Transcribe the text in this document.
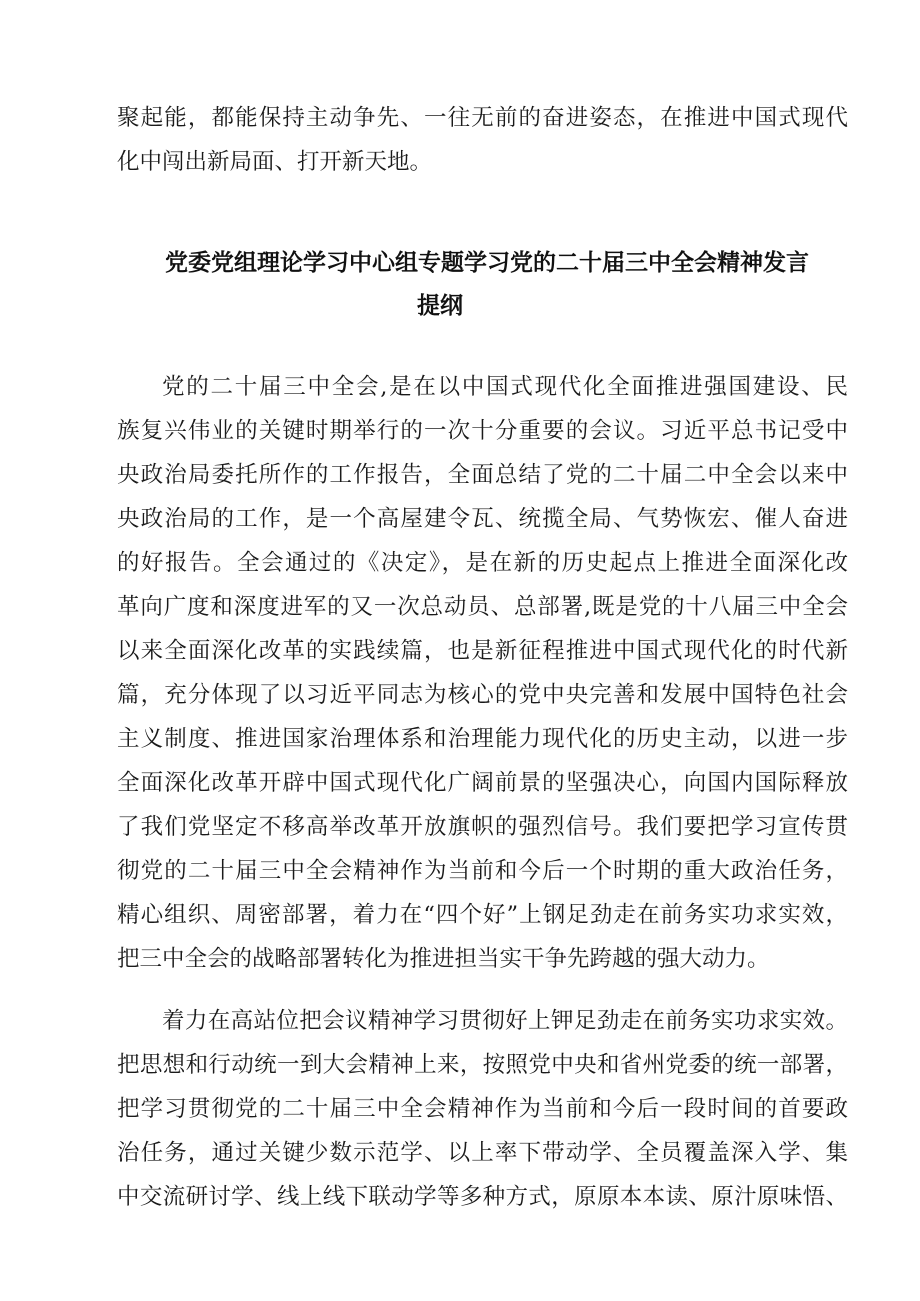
聚起能，都能保持主动争先、一往无前的奋进姿态，在推进中国式现代
化中闯出新局面、打开新天地。
党委党组理论学习中心组专题学习党的二十届三中全会精神发言
提纲
党的二十届三中全会,是在以中国式现代化全面推进强国建设、民
族复兴伟业的关键时期举行的一次十分重要的会议。习近平总书记受中
央政治局委托所作的工作报告，全面总结了党的二十届二中全会以来中
央政治局的工作，是一个高屋建令瓦、统揽全局、气势恢宏、催人奋进
的好报告。全会通过的《决定》，是在新的历史起点上推进全面深化改
革向广度和深度进军的又一次总动员、总部署,既是党的十八届三中全会
以来全面深化改革的实践续篇，也是新征程推进中国式现代化的时代新
篇，充分体现了以习近平同志为核心的党中央完善和发展中国特色社会
主义制度、推进国家治理体系和治理能力现代化的历史主动，以进一步
全面深化改革开辟中国式现代化广阔前景的坚强决心，向国内国际释放
了我们党坚定不移高举改革开放旗帜的强烈信号。我们要把学习宣传贯
彻党的二十届三中全会精神作为当前和今后一个时期的重大政治任务，
精心组织、周密部署，着力在“四个好”上钢足劲走在前务实功求实效，
把三中全会的战略部署转化为推进担当实干争先跨越的强大动力。
着力在高站位把会议精神学习贯彻好上钾足劲走在前务实功求实效。
把思想和行动统一到大会精神上来，按照党中央和省州党委的统一部署，
把学习贯彻党的二十届三中全会精神作为当前和今后一段时间的首要政
治任务，通过关键少数示范学、以上率下带动学、全员覆盖深入学、集
中交流研讨学、线上线下联动学等多种方式，原原本本读、原汁原味悟、
